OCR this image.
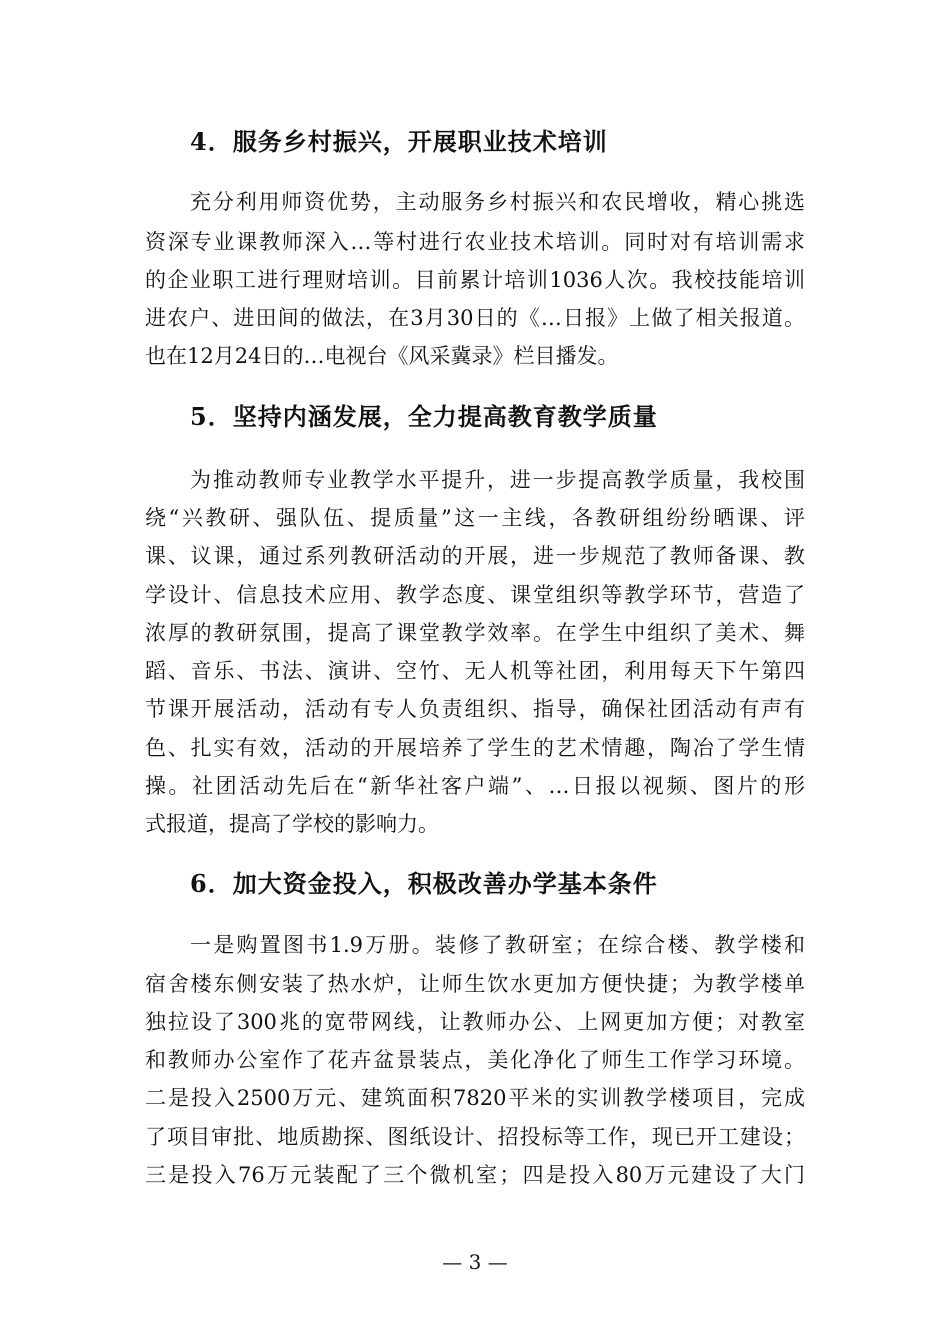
4．服务乡村振兴，开展职业技术培训
充分利用师资优势，主动服务乡村振兴和农民增收，精心挑选
资深专业课教师深入…等村进行农业技术培训。同时对有培训需求
的企业职工进行理财培训。目前累计培训1036人次。我校技能培训
进农户、进田间的做法，在3月30日的《…日报》上做了相关报道。
也在12月24日的…电视台《风采冀录》栏目播发。
5．坚持内涵发展，全力提高教育教学质量
为推动教师专业教学水平提升，进一步提高教学质量，我校围
绕“兴教研、强队伍、提质量”这一主线，各教研组纷纷晒课、评
课、议课，通过系列教研活动的开展，进一步规范了教师备课、教
学设计、信息技术应用、教学态度、课堂组织等教学环节，营造了
浓厚的教研氛围，提高了课堂教学效率。在学生中组织了美术、舞
蹈、音乐、书法、演讲、空竹、无人机等社团，利用每天下午第四
节课开展活动，活动有专人负责组织、指导，确保社团活动有声有
色、扎实有效，活动的开展培养了学生的艺术情趣，陶冶了学生情
操。社团活动先后在“新华社客户端”、…日报以视频、图片的形
式报道，提高了学校的影响力。
6．加大资金投入，积极改善办学基本条件
一是购置图书1.9万册。装修了教研室；在综合楼、教学楼和
宿舍楼东侧安装了热水炉，让师生饮水更加方便快捷；为教学楼单
独拉设了300兆的宽带网线，让教师办公、上网更加方便；对教室
和教师办公室作了花卉盆景装点，美化净化了师生工作学习环境。
二是投入2500万元、建筑面积7820平米的实训教学楼项目，完成
了项目审批、地质勘探、图纸设计、招投标等工作，现已开工建设；
三是投入76万元装配了三个微机室；四是投入80万元建设了大门
— 3 —
